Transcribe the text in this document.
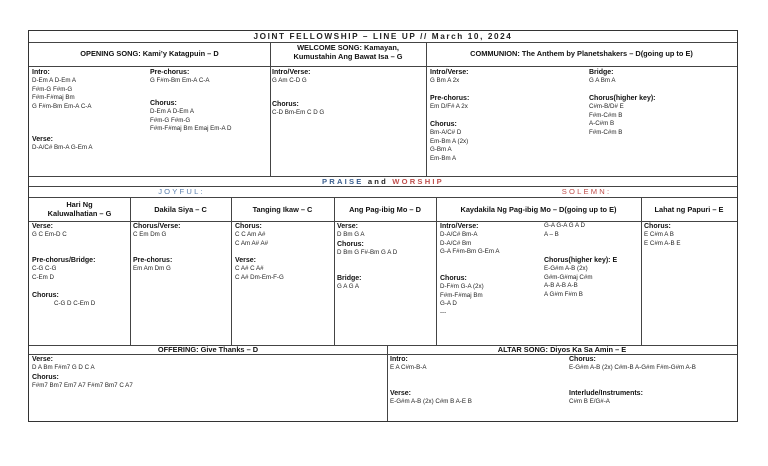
JOINT FELLOWSHIP – LINE UP // March 10, 2024
OPENING SONG: Kami’y Katagpuin – D
Intro:
D-Em A D-Em A
F#m-G F#m-G
F#m-F#maj Bm
G F#m-Bm Em-A C-A
Verse:
D-A/C# Bm-A G-Em A
Pre-chorus:
G F#m-Bm Em-A C-A
Chorus:
D-Em A D-Em A
F#m-G F#m-G
F#m-F#maj Bm Emaj Em-A D
WELCOME SONG: Kamayan,
Kumustahin Ang Bawat Isa – G
Intro/Verse:
G Am C-D G
Chorus:
C-D Bm-Em C D G
COMMUNION: The Anthem by Planetshakers – D(going up to E)
Intro/Verse:
G Bm A 2x
Pre-chorus:
Em D/F# A 2x
Chorus:
Bm-A/C# D
Em-Bm A (2x)
G-Bm A
Em-Bm A
Bridge:
G A Bm A
Chorus(higher key):
C#m-B/D# E
F#m-C#m B
A-C#m B
F#m-C#m B
PRAISE and WORSHIP
JOYFUL:	SOLEMN:
Hari Ng
Kaluwalhatian – G
Verse:
G C Em-D C
Pre-chorus/Bridge:
C-G C-G
C-Em D
Chorus:
C-G D C-Em D
Dakila Siya – C
Chorus/Verse:
C Em Dm G
Pre-chorus:
Em Am Dm G
Tanging Ikaw – C
Chorus:
C C Am A#
C Am A# A#
Verse:
C A# C A#
C A# Dm-Em-F-G
Ang Pag-ibig Mo – D
Verse:
D Bm G A
Chorus:
D Bm G F#-Bm G A D
Bridge:
G A G A
Kaydakila Ng Pag-ibig Mo – D(going up to E)
Intro/Verse:
D-A/C# Bm-A
D-A/C# Bm
G-A F#m-Bm G-Em A
G-A G-A G A D
A – B
Chorus:
D-F#m G-A (2x)
F#m-F#maj Bm
G-A D
---
Chorus(higher key): E
E-G#m A-B (2x)
G#m-G#maj C#m
A-B A-B A-B
A G#m F#m B
Lahat ng Papuri – E
Chorus:
E C#m A B
E C#m A-B E
OFFERING: Give Thanks – D
Verse:
D A Bm F#m7 G D C A
Chorus:
F#m7 Bm7 Em7 A7 F#m7 Bm7 C A7
ALTAR SONG: Diyos Ka Sa Amin – E
Intro:
E A C#m-B-A
Verse:
E-G#m A-B (2x) C#m B A-E B
Chorus:
E-G#m A-B (2x) C#m-B A-G#m F#m-G#m A-B
Interlude/Instruments:
C#m B E/G#-A
